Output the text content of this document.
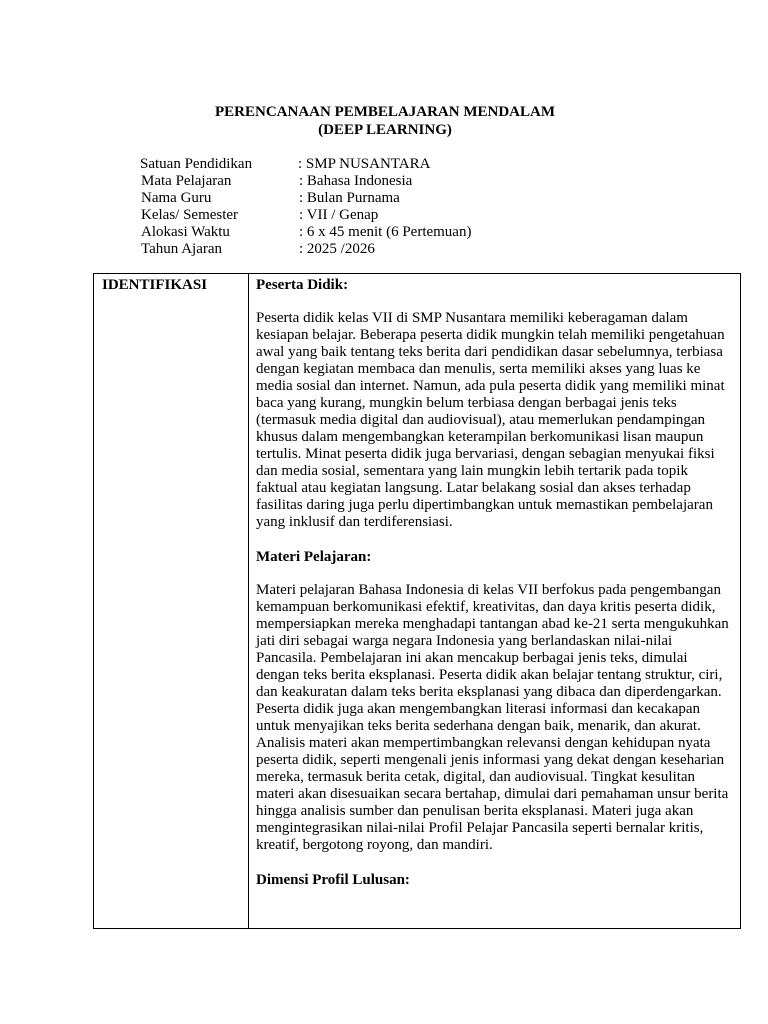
PERENCANAAN PEMBELAJARAN MENDALAM
(DEEP LEARNING)
Satuan Pendidikan	: SMP NUSANTARA
Mata Pelajaran	: Bahasa Indonesia
Nama Guru	: Bulan Purnama
Kelas/ Semester	: VII / Genap
Alokasi Waktu	: 6 x 45 menit (6 Pertemuan)
Tahun Ajaran	: 2025 /2026
IDENTIFIKASI	Peserta Didik:

Peserta didik kelas VII di SMP Nusantara memiliki keberagaman dalam kesiapan belajar. Beberapa peserta didik mungkin telah memiliki pengetahuan awal yang baik tentang teks berita dari pendidikan dasar sebelumnya, terbiasa dengan kegiatan membaca dan menulis, serta memiliki akses yang luas ke media sosial dan internet. Namun, ada pula peserta didik yang memiliki minat baca yang kurang, mungkin belum terbiasa dengan berbagai jenis teks (termasuk media digital dan audiovisual), atau memerlukan pendampingan khusus dalam mengembangkan keterampilan berkomunikasi lisan maupun tertulis. Minat peserta didik juga bervariasi, dengan sebagian menyukai fiksi dan media sosial, sementara yang lain mungkin lebih tertarik pada topik faktual atau kegiatan langsung. Latar belakang sosial dan akses terhadap fasilitas daring juga perlu dipertimbangkan untuk memastikan pembelajaran yang inklusif dan terdiferensiasi.

Materi Pelajaran:

Materi pelajaran Bahasa Indonesia di kelas VII berfokus pada pengembangan kemampuan berkomunikasi efektif, kreativitas, dan daya kritis peserta didik, mempersiapkan mereka menghadapi tantangan abad ke-21 serta mengukuhkan jati diri sebagai warga negara Indonesia yang berlandaskan nilai-nilai Pancasila. Pembelajaran ini akan mencakup berbagai jenis teks, dimulai dengan teks berita eksplanasi. Peserta didik akan belajar tentang struktur, ciri, dan keakuratan dalam teks berita eksplanasi yang dibaca dan diperdengarkan. Peserta didik juga akan mengembangkan literasi informasi dan kecakapan untuk menyajikan teks berita sederhana dengan baik, menarik, dan akurat. Analisis materi akan mempertimbangkan relevansi dengan kehidupan nyata peserta didik, seperti mengenali jenis informasi yang dekat dengan keseharian mereka, termasuk berita cetak, digital, dan audiovisual. Tingkat kesulitan materi akan disesuaikan secara bertahap, dimulai dari pemahaman unsur berita hingga analisis sumber dan penulisan berita eksplanasi. Materi juga akan mengintegrasikan nilai-nilai Profil Pelajar Pancasila seperti bernalar kritis, kreatif, bergotong royong, dan mandiri.

Dimensi Profil Lulusan:
